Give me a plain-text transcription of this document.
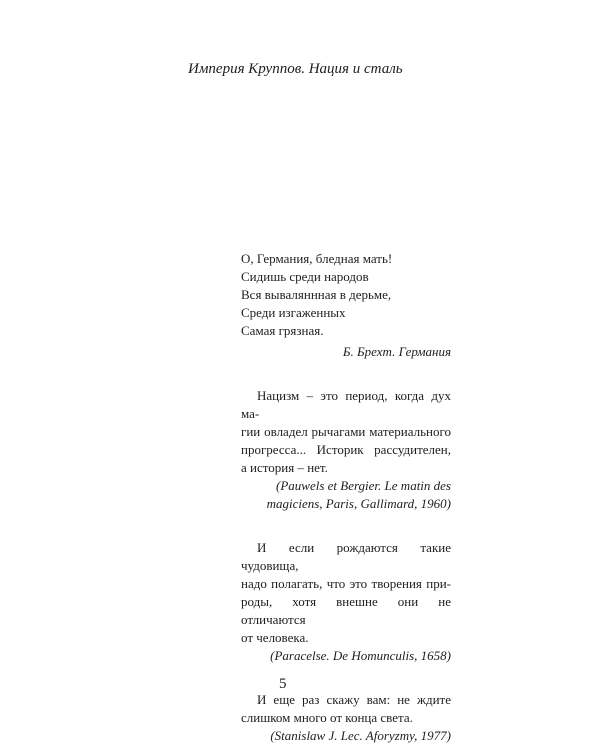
Империя Круппов. Нация и сталь
О, Германия, бледная мать!
Сидишь среди народов
Вся вываляннная в дерьме,
Среди изгаженных
Самая грязная.
Б. Брехт. Германия

Нацизм – это период, когда дух ма-
гии овладел рычагами материального
прогресса... Историк рассудителен,
а история – нет.

(Pauwels et Bergier. Le matin des
magiciens, Paris, Gallimard, 1960)

И если рождаются такие чудовища,
надо полагать, что это творения при-
роды, хотя внешне они не отличаются
от человека.

(Paracelse. De Homunculis, 1658)

И еще раз скажу вам: не ждите
слишком много от конца света.

(Stanislaw J. Lec. Aforyzmy, 1977)
5
